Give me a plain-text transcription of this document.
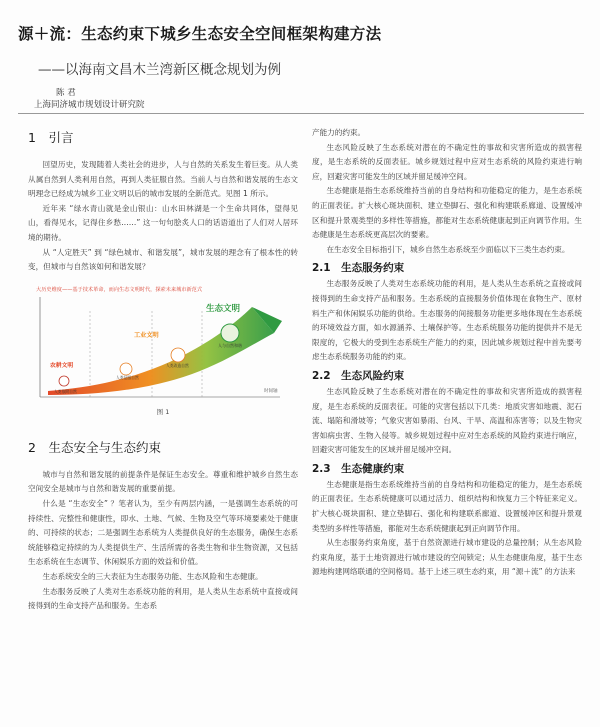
源＋流：生态约束下城乡生态安全空间框架构建方法
——以海南文昌木兰湾新区概念规划为例
陈 君
上海同济城市规划设计研究院
1　引言

回望历史，发现随着人类社会的进步，人与自然的关系发生着巨变。从人类从属自然到人类利用自然，再到人类征服自然。当前人与自然和谐发展的生态文明理念已经成为城乡工业文明以后的城市发展的全新范式。见图 1 所示。

近年来 “绿水青山就是金山银山：山水田林湖是一个生命共同体，望得见山，看得见水，记得住乡愁……” 这一句句脍炙人口的话语道出了人们对人居环境的期待。

从 “人定胜天” 到 “绿色城市、和谐发展”，城市发展的理念有了根本性的转变，但城市与自然该如何和谐发展？

大历史维度——基于技术革命，而向生态文明时代，探索未来城市新范式
时间轴
农耕文明
工业文明
生态文明
人类依附自然
人类征服自然
人类改造自然
人与自然和谐
图 1
2　生态安全与生态约束

城市与自然和谐发展的前提条件是保证生态安全。尊重和维护城乡自然生态空间安全是城市与自然和谐发展的重要前提。

什么是 “生态安全” ？笔者认为，至少有两层内涵，一是强调生态系统的可持续性、完整性和健康性，即水、土地、气候、生物及空气等环境要素处于健康的、可持续的状态；二是强调生态系统为人类提供良好的生态服务，确保生态系统能够稳定持续的为人类提供生产、生活所需的各类生物和非生物资源，又包括生态系统在生态调节、休闲娱乐方面的效益和价值。

生态系统安全的三大表征为生态服务功能、生态风险和生态健康。

生态服务反映了人类对生态系统功能的利用，是人类从生态系统中直接或间接得到的生命支持产品和服务。生态系

产能力的约束。

生态风险反映了生态系统对潜在的不确定性的事故和灾害所造成的损害程度，是生态系统的反面表征。城乡规划过程中应对生态系统的风险约束进行响应，回避灾害可能发生的区域并留足缓冲空间。

生态健康是指生态系统维持当前的自身结构和功能稳定的能力，是生态系统的正面表征。扩大核心斑块面积、建立垫脚石、强化和构建联系廊道、设置缓冲区和提升景观类型的多样性等措施，都能对生态系统健康起到正向调节作用。生态健康是生态系统更高层次的要素。

在生态安全目标指引下，城乡自然生态系统至少面临以下三类生态约束。

2.1　生态服务约束

生态服务反映了人类对生态系统功能的利用，是人类从生态系统之直接或间接得到的生命支持产品和服务。生态系统的直接服务价值体现在食物生产、原材料生产和休闲娱乐功能的供给。生态服务的间接服务功能更多地体现在生态系统的环境效益方面，如水源涵养、土壤保护等。生态系统服务功能的提供并不是无限度的，它极大的受到生态系统生产能力的约束，因此城乡规划过程中首先要考虑生态系统服务功能的约束。

2.2　生态风险约束

生态风险反映了生态系统对潜在的不确定性的事故和灾害所造成的损害程度，是生态系统的反面表征。可能的灾害包括以下几类：地质灾害如地震、泥石流、塌陷和滑坡等；气象灾害如暴雨、台风、干旱、高温和冻害等；以及生物灾害如病虫害、生物入侵等。城乡规划过程中应对生态系统的风险约束进行响应，回避灾害可能发生的区域并留足缓冲空间。

2.3　生态健康约束

生态健康是指生态系统维持当前的自身结构和功能稳定的能力，是生态系统的正面表征。生态系统健康可以通过活力、组织结构和恢复力三个特征来定义。扩大核心斑块面积、建立垫脚石、强化和构建联系廊道、设置缓冲区和提升景观类型的多样性等措施，都能对生态系统健康起到正向调节作用。

从生态服务约束角度，基于自然资源进行城市建设的总量控制；从生态风险约束角度，基于土地资源进行城市建设的空间锁定；从生态健康角度，基于生态源地构建网络联通的空间格局。基于上述三项生态约束，用 “源＋流” 的方法来
